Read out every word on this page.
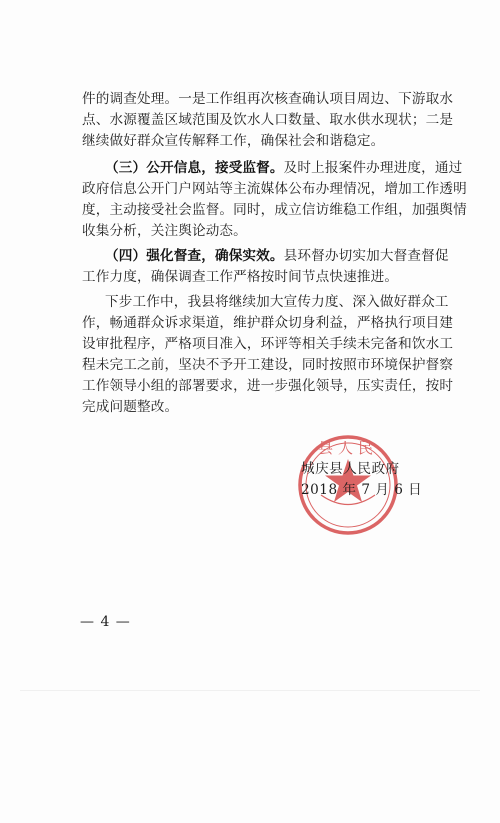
件的调查处理。一是工作组再次核查确认项目周边、下游取水
点、水源覆盖区域范围及饮水人口数量、取水供水现状；二是
继续做好群众宣传解释工作，确保社会和谐稳定。
（三）公开信息，接受监督。及时上报案件办理进度，通过
政府信息公开门户网站等主流媒体公布办理情况，增加工作透明
度，主动接受社会监督。同时，成立信访维稳工作组，加强舆情
收集分析，关注舆论动态。
（四）强化督查，确保实效。县环督办切实加大督查督促
工作力度，确保调查工作严格按时间节点快速推进。
下步工作中，我县将继续加大宣传力度、深入做好群众工
作，畅通群众诉求渠道，维护群众切身利益，严格执行项目建
设审批程序，严格项目准入，环评等相关手续未完备和饮水工
程未完工之前，坚决不予开工建设，同时按照市环境保护督察
工作领导小组的部署要求，进一步强化领导，压实责任，按时
完成问题整改。
县人民
城庆县人民政府
2018 年 7 月 6 日
— 4 —
